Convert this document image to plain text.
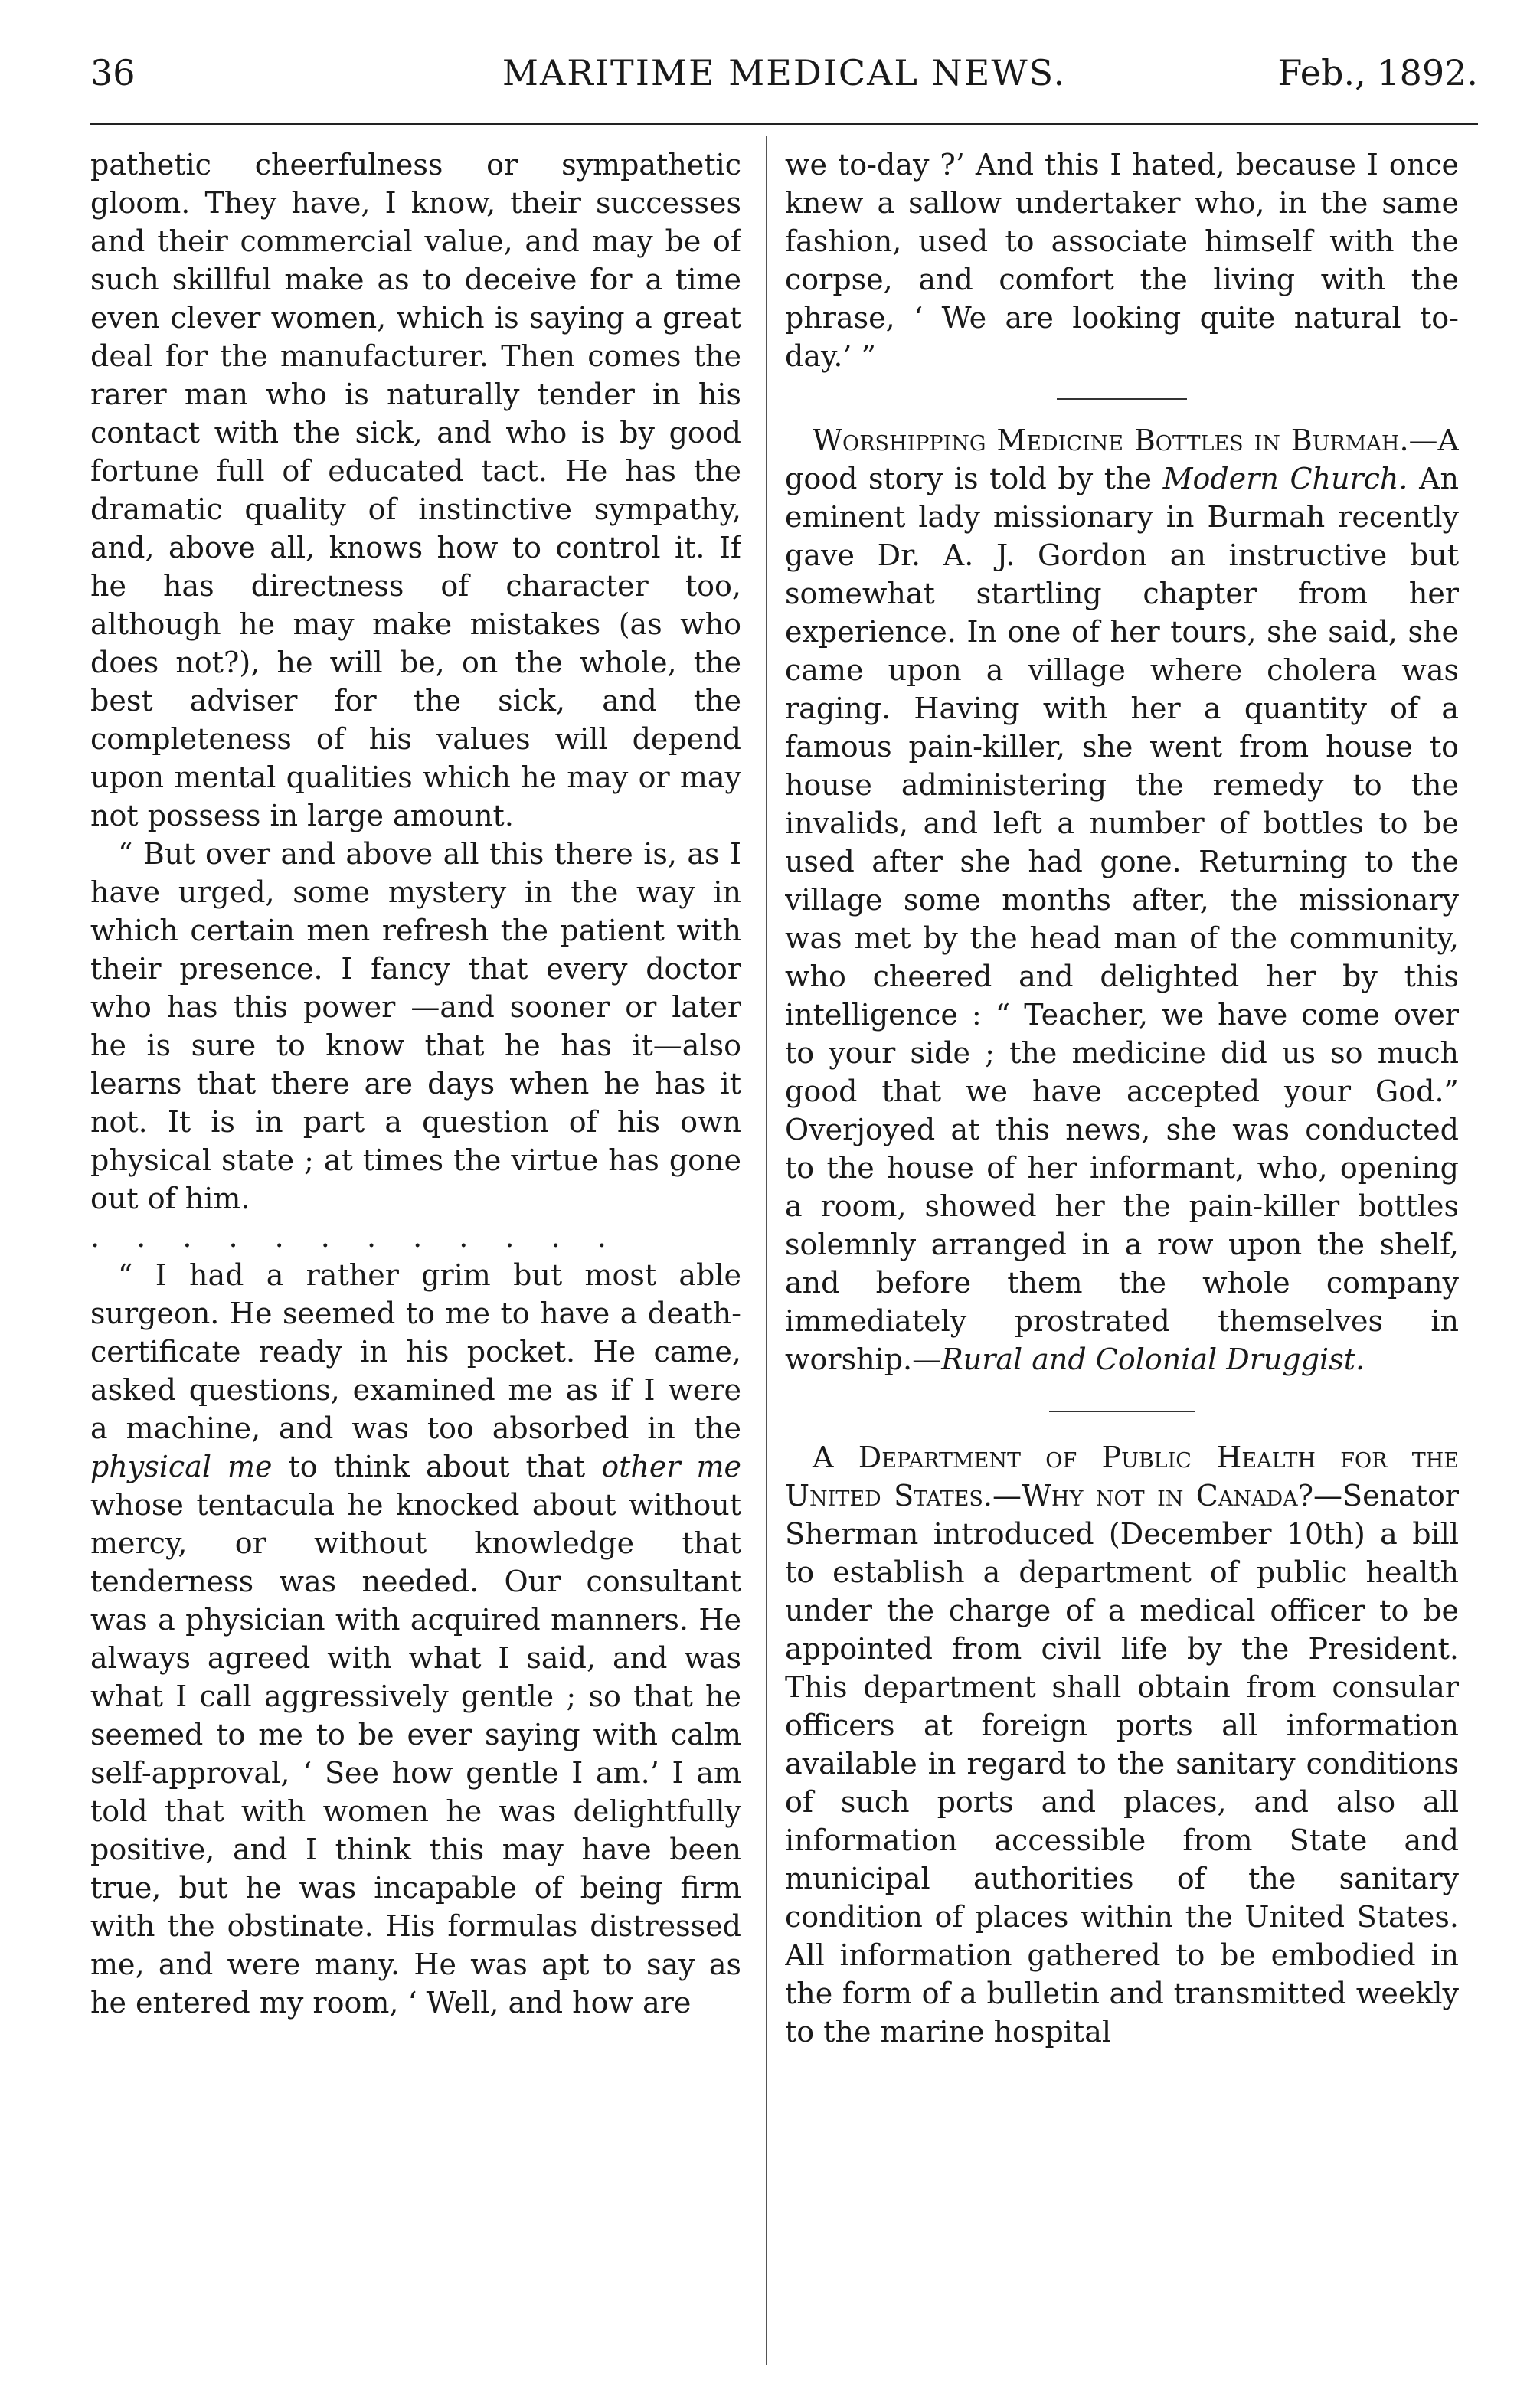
36	MARITIME MEDICAL NEWS.	Feb., 1892.

pathetic cheerfulness or sympathetic gloom. They have, I know, their successes and their commercial value, and may be of such skillful make as to deceive for a time even clever women, which is saying a great deal for the manufacturer. Then comes the rarer man who is naturally tender in his contact with the sick, and who is by good fortune full of educated tact. He has the dramatic quality of instinctive sympathy, and, above all, knows how to control it. If he has directness of character too, although he may make mistakes (as who does not?), he will be, on the whole, the best adviser for the sick, and the completeness of his values will depend upon mental qualities which he may or may not possess in large amount.

“ But over and above all this there is, as I have urged, some mystery in the way in which certain men refresh the patient with their presence. I fancy that every doctor who has this power —and sooner or later he is sure to know that he has it—also learns that there are days when he has it not. It is in part a question of his own physical state ; at times the virtue has gone out of him.

. . . . . . . . . . . .

“ I had a rather grim but most able surgeon. He seemed to me to have a death-certificate ready in his pocket. He came, asked questions, examined me as if I were a machine, and was too absorbed in the physical me to think about that other me whose tentacula he knocked about without mercy, or without knowledge that tenderness was needed. Our consultant was a physician with acquired manners. He always agreed with what I said, and was what I call aggressively gentle ; so that he seemed to me to be ever saying with calm self-approval, ‘ See how gentle I am.’ I am told that with women he was delightfully positive, and I think this may have been true, but he was incapable of being firm with the obstinate. His formulas distressed me, and were many. He was apt to say as he entered my room, ‘ Well, and how are

we to-day ?’ And this I hated, because I once knew a sallow undertaker who, in the same fashion, used to associate himself with the corpse, and comfort the living with the phrase, ‘ We are looking quite natural to-day.’ ”

Worshipping Medicine Bottles in Burmah.—A good story is told by the Modern Church. An eminent lady missionary in Burmah recently gave Dr. A. J. Gordon an instructive but somewhat startling chapter from her experience. In one of her tours, she said, she came upon a village where cholera was raging. Having with her a quantity of a famous pain-killer, she went from house to house administering the remedy to the invalids, and left a number of bottles to be used after she had gone. Returning to the village some months after, the missionary was met by the head man of the community, who cheered and delighted her by this intelligence : “ Teacher, we have come over to your side ; the medicine did us so much good that we have accepted your God.” Overjoyed at this news, she was conducted to the house of her informant, who, opening a room, showed her the pain-killer bottles solemnly arranged in a row upon the shelf, and before them the whole company immediately prostrated themselves in worship.—Rural and Colonial Druggist.

A Department of Public Health for the United States.—Why not in Canada?—Senator Sherman introduced (December 10th) a bill to establish a department of public health under the charge of a medical officer to be appointed from civil life by the President. This department shall obtain from consular officers at foreign ports all information available in regard to the sanitary conditions of such ports and places, and also all information accessible from State and municipal authorities of the sanitary condition of places within the United States. All information gathered to be embodied in the form of a bulletin and transmitted weekly to the marine hospital
